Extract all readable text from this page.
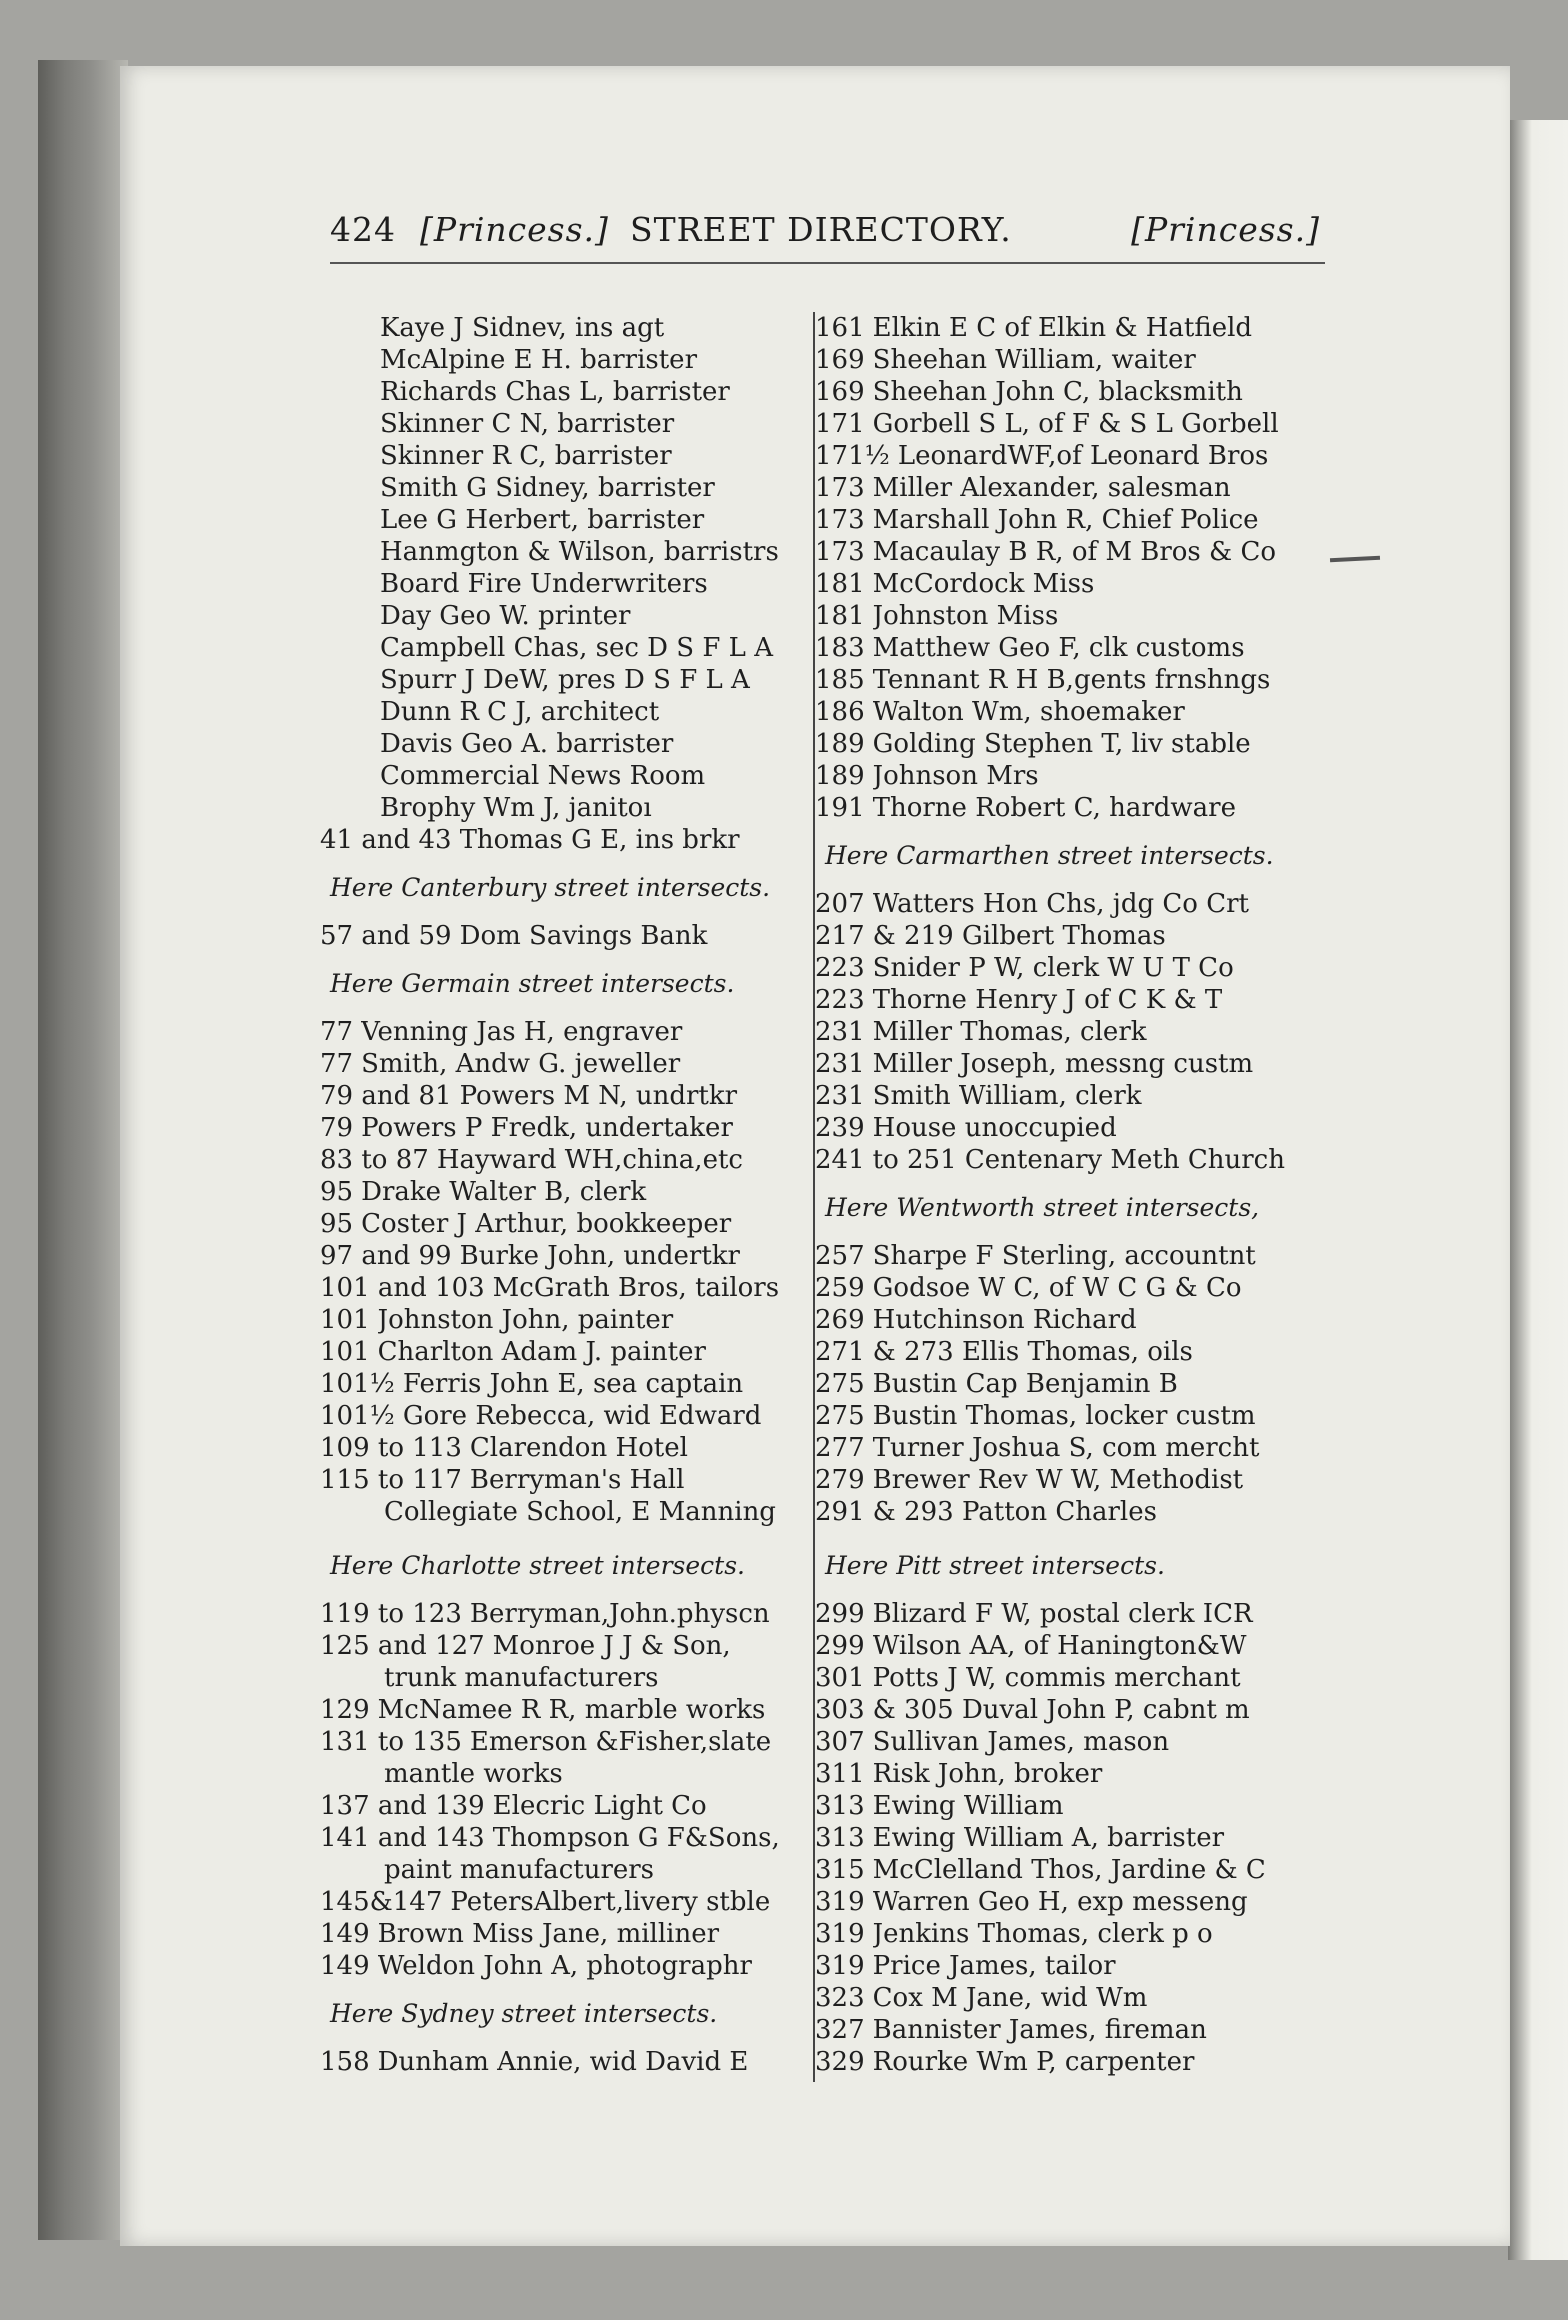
424 [Princess.] STREET DIRECTORY.	[Princess.]
Kaye J Sidnev, ins agt
McAlpine E H. barrister
Richards Chas L, barrister
Skinner C N, barrister
Skinner R C, barrister
Smith G Sidney, barrister
Lee G Herbert, barrister
Hanmgton & Wilson, barristrs
Board Fire Underwriters
Day Geo W. printer
Campbell Chas, sec D S F L A
Spurr J DeW, pres D S F L A
Dunn R C J, architect
Davis Geo A. barrister
Commercial News Room
Brophy Wm J, janitoı
41 and 43 Thomas G E, ins brkr
Here Canterbury street intersects.
57 and 59 Dom Savings Bank
Here Germain street intersects.
77 Venning Jas H, engraver
77 Smith, Andw G. jeweller
79 and 81 Powers M N, undrtkr
79 Powers P Fredk, undertaker
83 to 87 Hayward WH,china,etc
95 Drake Walter B, clerk
95 Coster J Arthur, bookkeeper
97 and 99 Burke John, undertkr
101 and 103 McGrath Bros, tailors
101 Johnston John, painter
101 Charlton Adam J. painter
101½ Ferris John E, sea captain
101½ Gore Rebecca, wid Edward
109 to 113 Clarendon Hotel
115 to 117 Berryman's Hall
Collegiate School, E Manning
Here Charlotte street intersects.
119 to 123 Berryman,John.physcn
125 and 127 Monroe J J & Son,
trunk manufacturers
129 McNamee R R, marble works
131 to 135 Emerson &Fisher,slate
mantle works
137 and 139 Elecric Light Co
141 and 143 Thompson G F&Sons,
paint manufacturers
145&147 PetersAlbert,livery stble
149 Brown Miss Jane, milliner
149 Weldon John A, photographr
Here Sydney street intersects.
158 Dunham Annie, wid David E
161 Elkin E C of Elkin & Hatfield
169 Sheehan William, waiter
169 Sheehan John C, blacksmith
171 Gorbell S L, of F & S L Gorbell
171½ LeonardWF,of Leonard Bros
173 Miller Alexander, salesman
173 Marshall John R, Chief Police
173 Macaulay B R, of M Bros & Co
181 McCordock Miss
181 Johnston Miss
183 Matthew Geo F, clk customs
185 Tennant R H B,gents frnshngs
186 Walton Wm, shoemaker
189 Golding Stephen T, liv stable
189 Johnson Mrs
191 Thorne Robert C, hardware
Here Carmarthen street intersects.
207 Watters Hon Chs, jdg Co Crt
217 & 219 Gilbert Thomas
223 Snider P W, clerk W U T Co
223 Thorne Henry J of C K & T
231 Miller Thomas, clerk
231 Miller Joseph, messng custm
231 Smith William, clerk
239 House unoccupied
241 to 251 Centenary Meth Church
Here Wentworth street intersects,
257 Sharpe F Sterling, accountnt
259 Godsoe W C, of W C G & Co
269 Hutchinson Richard
271 & 273 Ellis Thomas, oils
275 Bustin Cap Benjamin B
275 Bustin Thomas, locker custm
277 Turner Joshua S, com mercht
279 Brewer Rev W W, Methodist
291 & 293 Patton Charles
Here Pitt street intersects.
299 Blizard F W, postal clerk ICR
299 Wilson AA, of Hanington&W
301 Potts J W, commis merchant
303 & 305 Duval John P, cabnt m
307 Sullivan James, mason
311 Risk John, broker
313 Ewing William
313 Ewing William A, barrister
315 McClelland Thos, Jardine & C
319 Warren Geo H, exp messeng
319 Jenkins Thomas, clerk p o
319 Price James, tailor
323 Cox M Jane, wid Wm
327 Bannister James, fireman
329 Rourke Wm P, carpenter
